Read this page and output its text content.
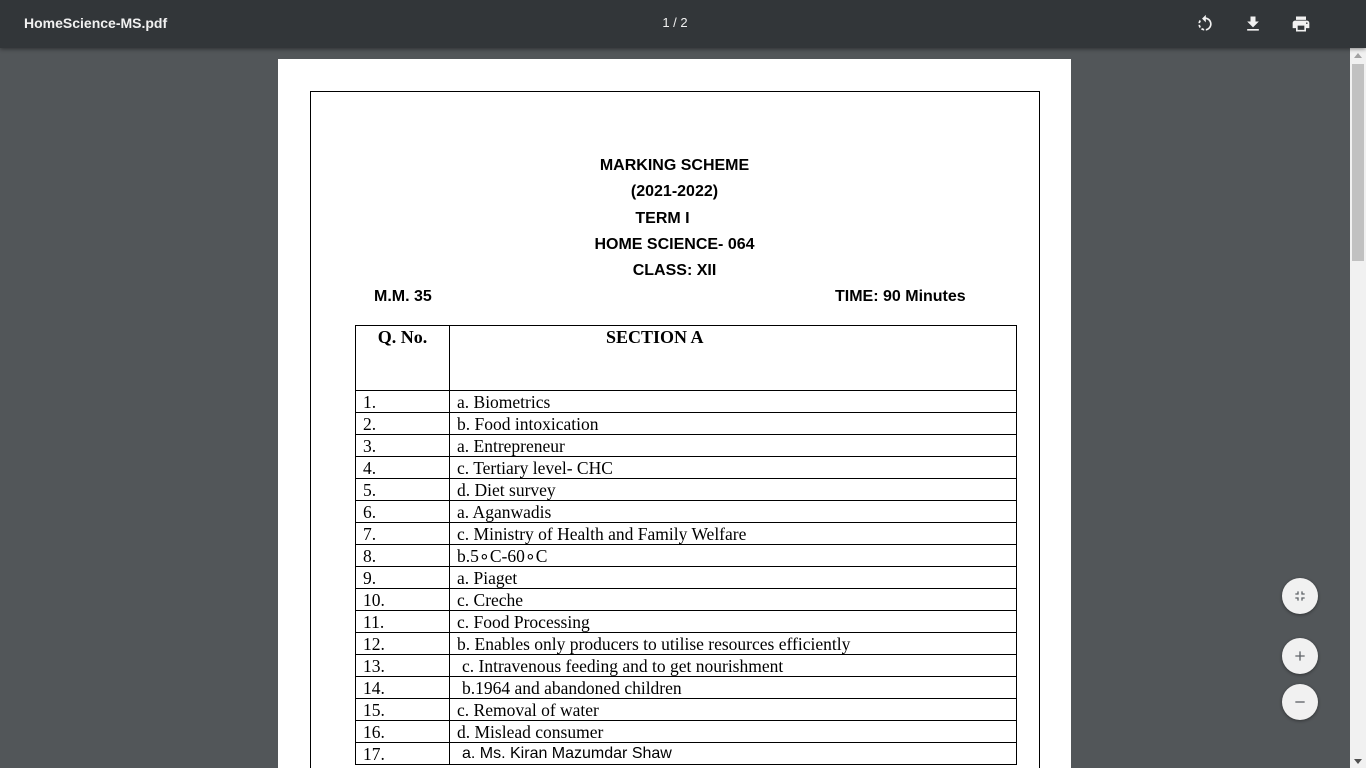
HomeScience-MS.pdf	1 / 2
MARKING SCHEME
(2021-2022)
TERM I
HOME SCIENCE- 064
CLASS: XII
M.M. 35	TIME: 90 Minutes
Q. No.	SECTION A
1.	a. Biometrics
2.	b. Food intoxication
3.	a. Entrepreneur
4.	c. Tertiary level- CHC
5.	d. Diet survey
6.	a. Aganwadis
7.	c. Ministry of Health and Family Welfare
8.	b.5∘C-60∘C
9.	a. Piaget
10.	c. Creche
11.	c. Food Processing
12.	b. Enables only producers to utilise resources efficiently
13.	c. Intravenous feeding and to get nourishment
14.	b.1964 and abandoned children
15.	c. Removal of water
16.	d. Mislead consumer
17.	a. Ms. Kiran Mazumdar Shaw
